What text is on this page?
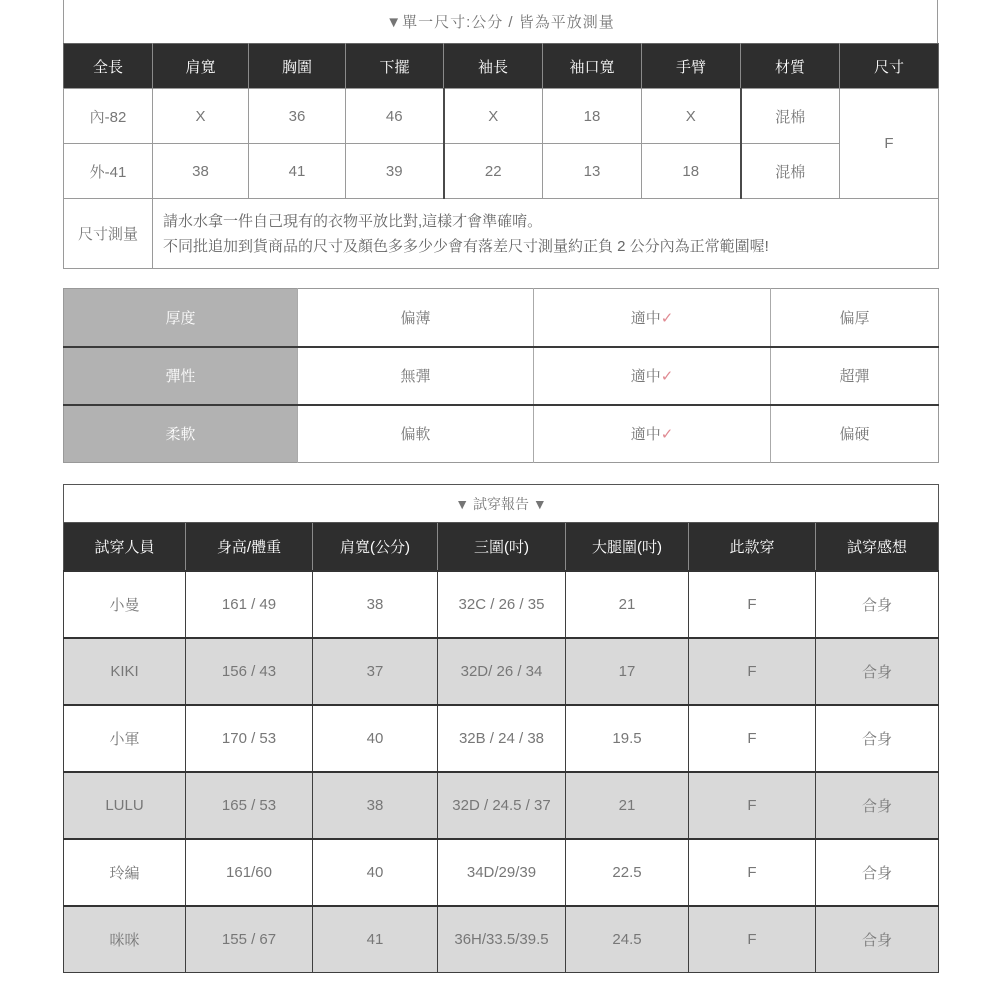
▼單一尺寸:公分 / 皆為平放測量
全長	肩寬	胸圍	下擺	袖長	袖口寬	手臂	材質	尺寸
內-82	X	36	46	X	18	X	混棉	F
外-41	38	41	39	22	13	18	混棉	
尺寸測量	請水水拿一件自己現有的衣物平放比對,這樣才會準確唷。
不同批追加到貨商品的尺寸及顏色多多少少會有落差尺寸測量約正負 2 公分內為正常範圍喔!							
厚度	偏薄	適中✓	偏厚
彈性	無彈	適中✓	超彈
柔軟	偏軟	適中✓	偏硬
▼ 試穿報告 ▼						
試穿人員	身高/體重	肩寬(公分)	三圍(吋)	大腿圍(吋)	此款穿	試穿感想
小曼	161 / 49	38	32C / 26 / 35	21	F	合身
KIKI	156 / 43	37	32D/ 26 / 34	17	F	合身
小軍	170 / 53	40	32B / 24 / 38	19.5	F	合身
LULU	165 / 53	38	32D / 24.5 / 37	21	F	合身
玲編	161/60	40	34D/29/39	22.5	F	合身
咪咪	155 / 67	41	36H/33.5/39.5	24.5	F	合身
